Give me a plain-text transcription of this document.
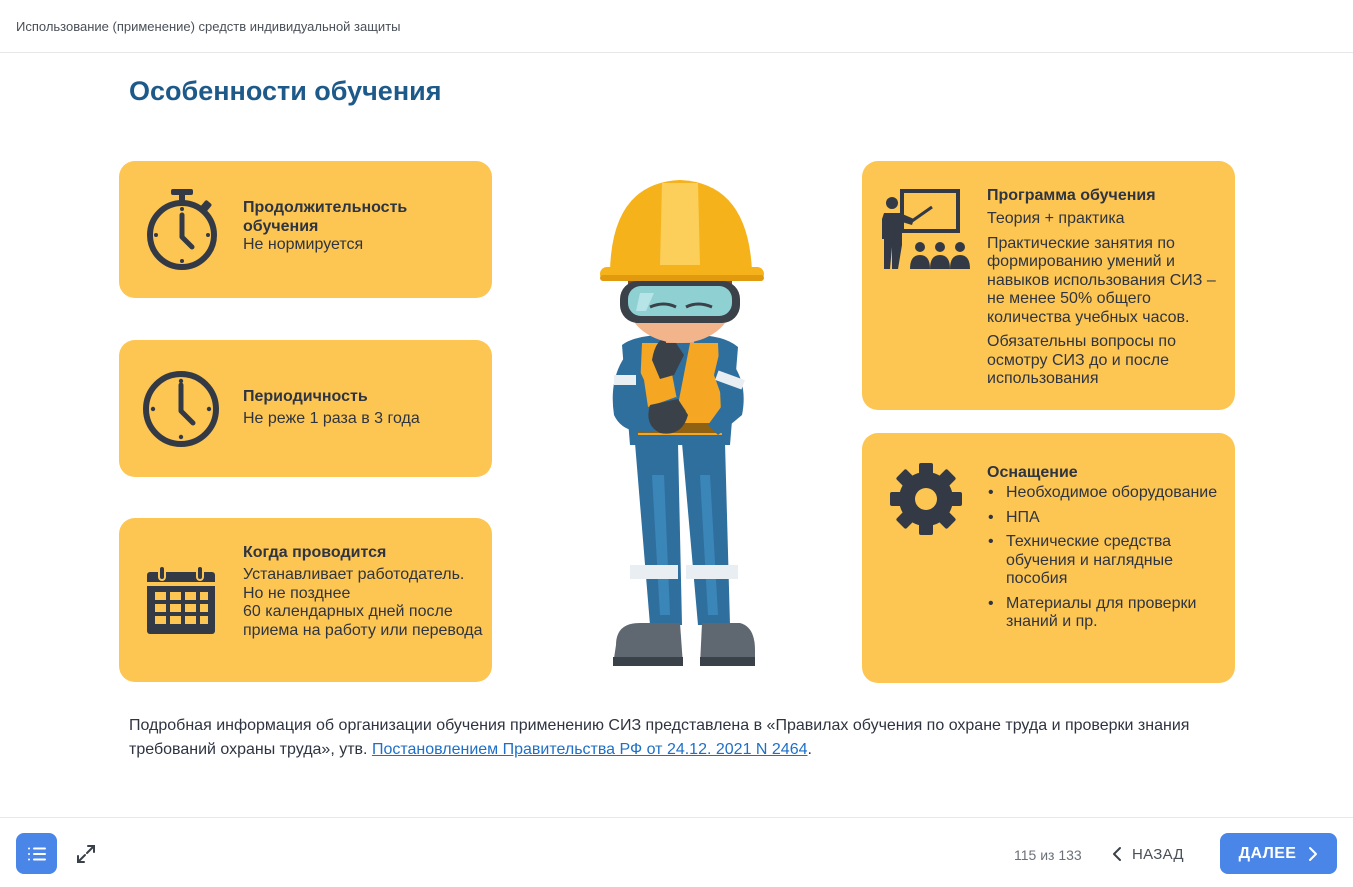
Использование (применение) средств индивидуальной защиты
Особенности обучения
Продолжительность обучения
Не нормируется
Периодичность
Не реже 1 раза в 3 года
Когда проводится
Устанавливает работодатель.
Но не позднее
60 календарных дней после приема на работу или перевода
Программа обучения
Теория + практика
Практические занятия по формированию умений и навыков использования СИЗ – не менее 50% общего количества учебных часов.
Обязательны вопросы по осмотру СИЗ до и после использования
Оснащение
• Необходимое оборудование
• НПА
• Технические средства обучения и наглядные пособия
• Материалы для проверки знаний и пр.

Подробная информация об организации обучения применению СИЗ представлена в «Правилах обучения по охране труда и проверки знания требований охраны труда», утв. Постановлением Правительства РФ от 24.12. 2021 N 2464.

115 из 133	НАЗАД	ДАЛЕЕ
